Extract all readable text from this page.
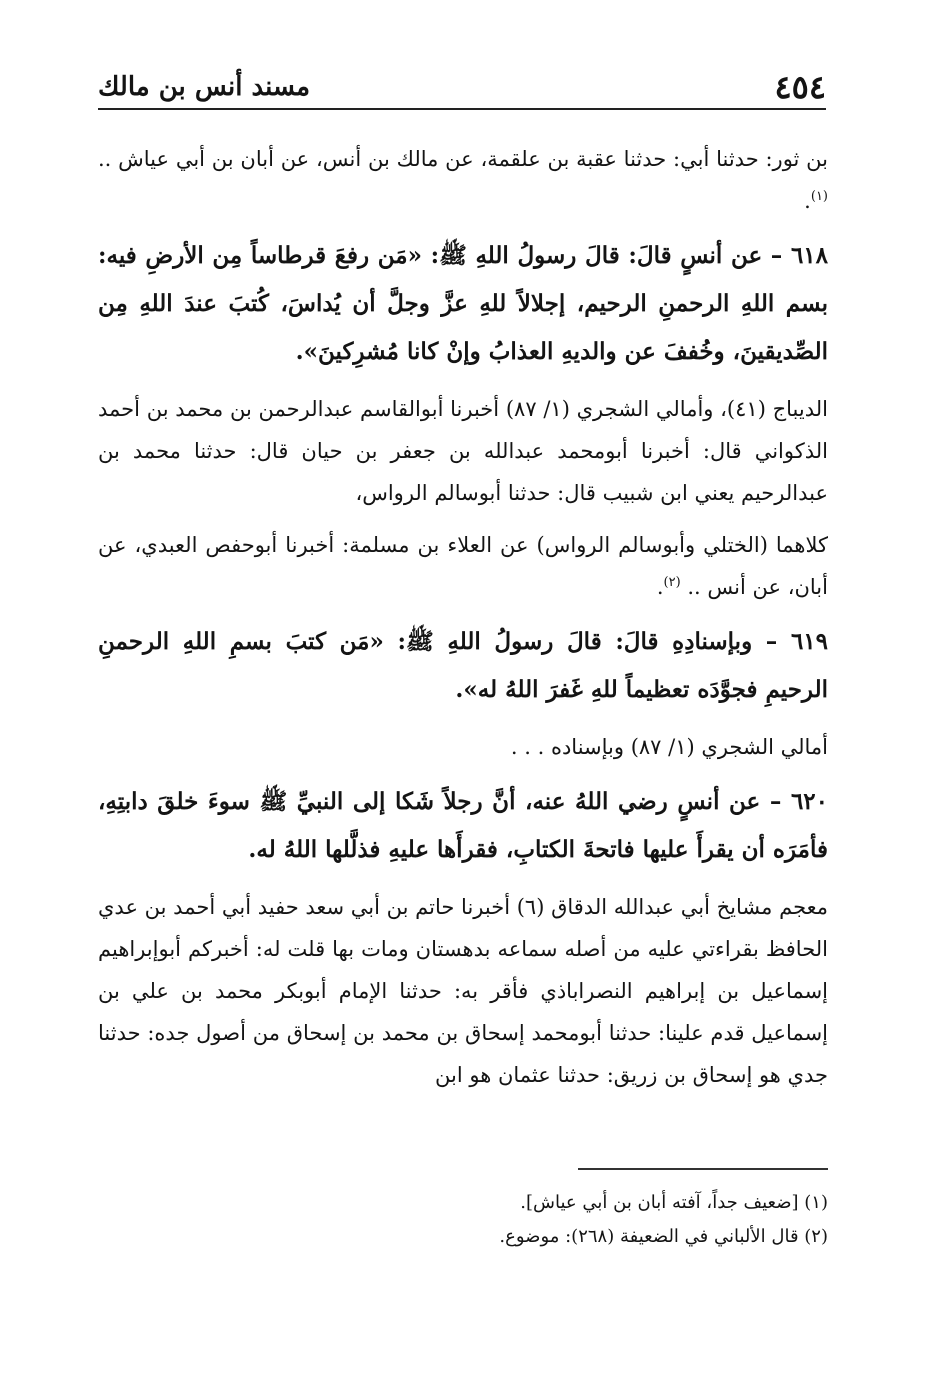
٤٥٤
مسند أنس بن مالك

بن ثور: حدثنا أبي: حدثنا عقبة بن علقمة، عن مالك بن أنس، عن أبان بن أبي عياش .. $^{(١)}$.

٦١٨ – عن أنسٍ قالَ: قالَ رسولُ اللهِ ﷺ: «مَن رفعَ قرطاساً مِن الأرضِ فيه: بسم اللهِ الرحمنِ الرحيم، إجلالاً للهِ عزَّ وجلَّ أن يُداسَ، كُتبَ عندَ اللهِ مِن الصِّديقينَ، وخُففَ عن والديهِ العذابُ وإنْ كانا مُشرِكينَ».

الديباج (٤١)، وأمالي الشجري (١/ ٨٧) أخبرنا أبوالقاسم عبدالرحمن بن محمد بن أحمد الذكواني قال: أخبرنا أبومحمد عبدالله بن جعفر بن حيان قال: حدثنا محمد بن عبدالرحيم يعني ابن شبيب قال: حدثنا أبوسالم الرواس،

كلاهما (الختلي وأبوسالم الرواس) عن العلاء بن مسلمة: أخبرنا أبوحفص العبدي، عن أبان، عن أنس .. $^{(٢)}$.

٦١٩ – وبإسنادِهِ قالَ: قالَ رسولُ اللهِ ﷺ: «مَن كتبَ بسمِ اللهِ الرحمنِ الرحيمِ فجوَّدَه تعظيماً للهِ غَفرَ اللهُ له».

أمالي الشجري (١/ ٨٧) وبإسناده . . .

٦٢٠ – عن أنسٍ رضي اللهُ عنه، أنَّ رجلاً شَكا إلى النبيِّ ﷺ سوءَ خلقَ دابتِهِ، فأمَرَه أن يقرأَ عليها فاتحةَ الكتابِ، فقرأَها عليهِ فذلَّلها اللهُ له.

معجم مشايخ أبي عبدالله الدقاق (٦) أخبرنا حاتم بن أبي سعد حفيد أبي أحمد بن عدي الحافظ بقراءتي عليه من أصله سماعه بدهستان ومات بها قلت له: أخبركم أبوإبراهيم إسماعيل بن إبراهيم النصراباذي فأقر به: حدثنا الإمام أبوبكر محمد بن علي بن إسماعيل قدم علينا: حدثنا أبومحمد إسحاق بن محمد بن إسحاق من أصول جده: حدثنا جدي هو إسحاق بن زريق: حدثنا عثمان هو ابن

(١) [ضعيف جداً، آفته أبان بن أبي عياش].
(٢) قال الألباني في الضعيفة (٢٦٨): موضوع.
